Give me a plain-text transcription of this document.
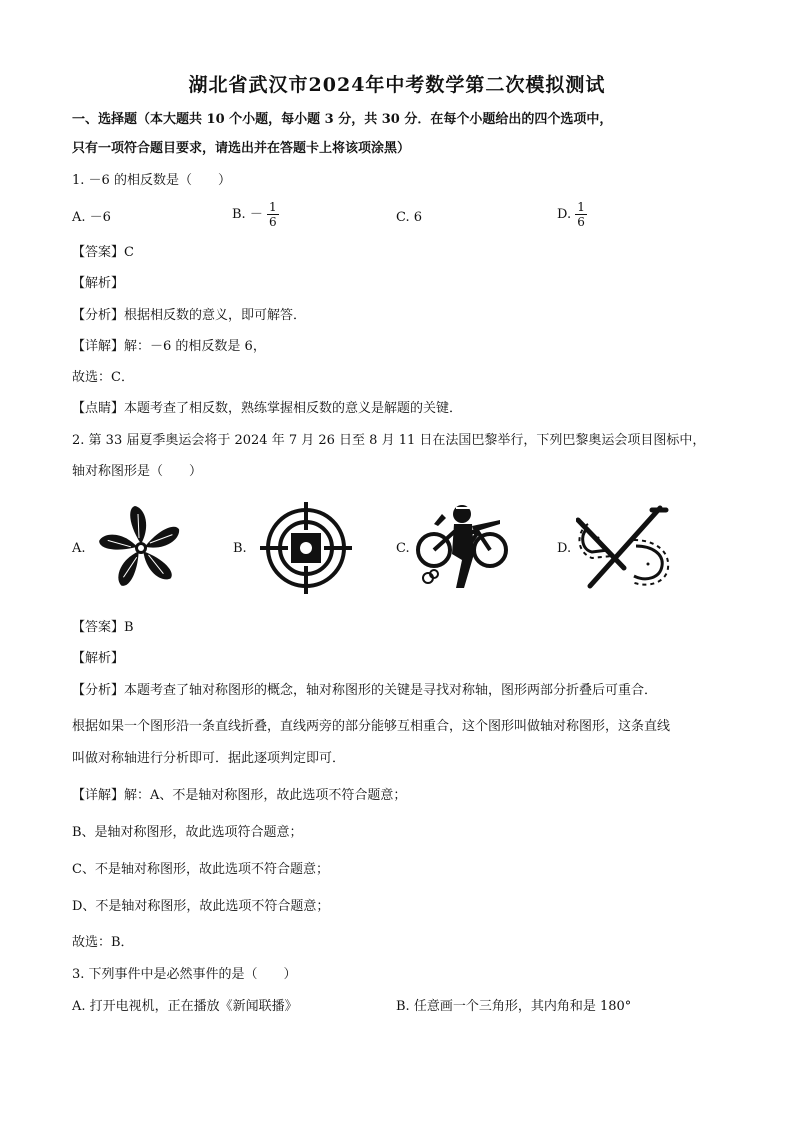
湖北省武汉市2024年中考数学第二次模拟测试
一、选择题（本大题共 10 个小题，每小题 3 分，共 30 分．在每个小题给出的四个选项中，
只有一项符合题目要求，请选出并在答题卡上将该项涂黑）
1. －6 的相反数是（　　）
A. －6	B. － $\frac{1}{6}$	C. 6	D. $\frac{1}{6}$
【答案】C
【解析】
【分析】根据相反数的意义，即可解答．
【详解】解：－6 的相反数是 6，
故选：C．
【点睛】本题考查了相反数，熟练掌握相反数的意义是解题的关键．
2. 第 33 届夏季奥运会将于 2024 年 7 月 26 日至 8 月 11 日在法国巴黎举行，下列巴黎奥运会项目图标中，
轴对称图形是（　　）
A.	B.	C.	D.
【答案】B
【解析】
【分析】本题考查了轴对称图形的概念，轴对称图形的关键是寻找对称轴，图形两部分折叠后可重合．
根据如果一个图形沿一条直线折叠，直线两旁的部分能够互相重合，这个图形叫做轴对称图形，这条直线
叫做对称轴进行分析即可．据此逐项判定即可．
【详解】解：A、不是轴对称图形，故此选项不符合题意；
B、是轴对称图形，故此选项符合题意；
C、不是轴对称图形，故此选项不符合题意；
D、不是轴对称图形，故此选项不符合题意；
故选：B．
3. 下列事件中是必然事件的是（　　）
A. 打开电视机，正在播放《新闻联播》	B. 任意画一个三角形，其内角和是 180°
